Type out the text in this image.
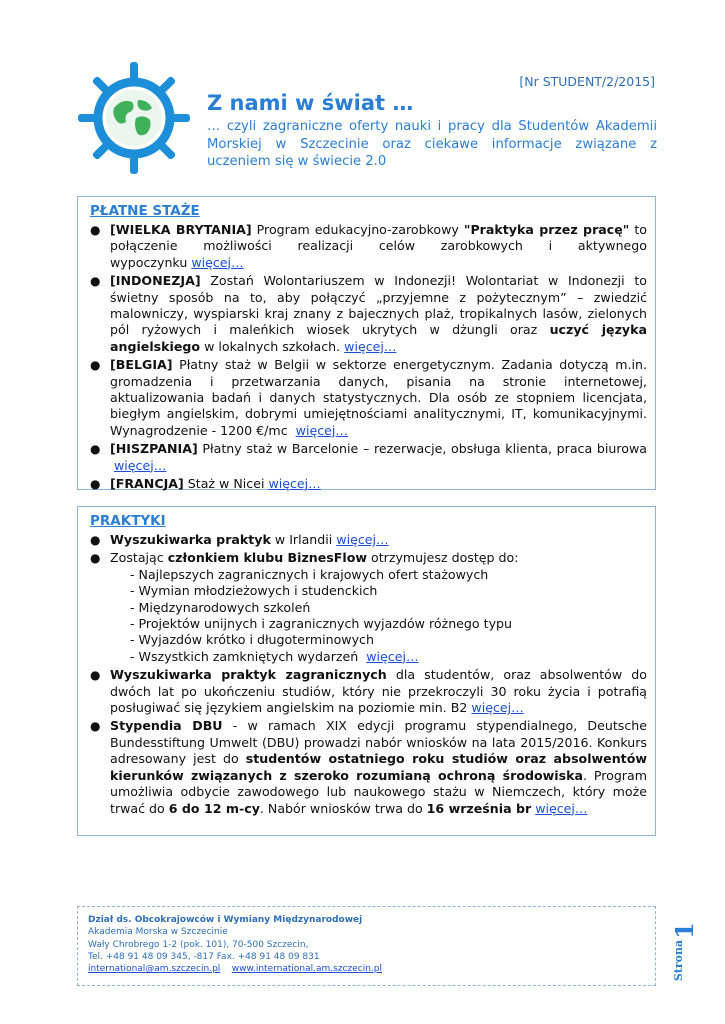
[Nr STUDENT/2/2015]
Z nami w świat …
… czyli zagraniczne oferty nauki i pracy dla Studentów Akademii Morskiej w Szczecinie oraz ciekawe informacje związane z uczeniem się w świecie 2.0
PŁATNE STAŻE
● [WIELKA BRYTANIA] Program edukacyjno-zarobkowy "Praktyka przez pracę" to połączenie możliwości realizacji celów zarobkowych i aktywnego wypoczynku więcej…
● [INDONEZJA] Zostań Wolontariuszem w Indonezji! Wolontariat w Indonezji to świetny sposób na to, aby połączyć „przyjemne z pożytecznym” – zwiedzić malowniczy, wyspiarski kraj znany z bajecznych plaż, tropikalnych lasów, zielonych pól ryżowych i maleńkich wiosek ukrytych w dżungli oraz uczyć języka angielskiego w lokalnych szkołach. więcej…
● [BELGIA] Płatny staż w Belgii w sektorze energetycznym. Zadania dotyczą m.in. gromadzenia i przetwarzania danych, pisania na stronie internetowej, aktualizowania badań i danych statystycznych. Dla osób ze stopniem licencjata, biegłym angielskim, dobrymi umiejętnościami analitycznymi, IT, komunikacyjnymi. Wynagrodzenie - 1200 €/mc więcej…
● [HISZPANIA] Płatny staż w Barcelonie – rezerwacje, obsługa klienta, praca biurowa więcej…
● [FRANCJA] Staż w Nicei więcej…
PRAKTYKI
● Wyszukiwarka praktyk w Irlandii więcej…
● Zostając członkiem klubu BiznesFlow otrzymujesz dostęp do:
- Najlepszych zagranicznych i krajowych ofert stażowych
- Wymian młodzieżowych i studenckich
- Międzynarodowych szkoleń
- Projektów unijnych i zagranicznych wyjazdów różnego typu
- Wyjazdów krótko i długoterminowych
- Wszystkich zamkniętych wydarzeń więcej…
● Wyszukiwarka praktyk zagranicznych dla studentów, oraz absolwentów do dwóch lat po ukończeniu studiów, który nie przekroczyli 30 roku życia i potrafią posługiwać się językiem angielskim na poziomie min. B2 więcej…
● Stypendia DBU - w ramach XIX edycji programu stypendialnego, Deutsche Bundesstiftung Umwelt (DBU) prowadzi nabór wniosków na lata 2015/2016. Konkurs adresowany jest do studentów ostatniego roku studiów oraz absolwentów kierunków związanych z szeroko rozumianą ochroną środowiska. Program umożliwia odbycie zawodowego lub naukowego stażu w Niemczech, który może trwać do 6 do 12 m-cy. Nabór wniosków trwa do 16 września br więcej…
Dział ds. Obcokrajowców i Wymiany Międzynarodowej
Akademia Morska w Szczecinie
Wały Chrobrego 1-2 (pok. 101), 70-500 Szczecin,
Tel. +48 91 48 09 345, -817 Fax. +48 91 48 09 831
international@am.szczecin.pl www.international.am.szczecin.pl
1
Strona
